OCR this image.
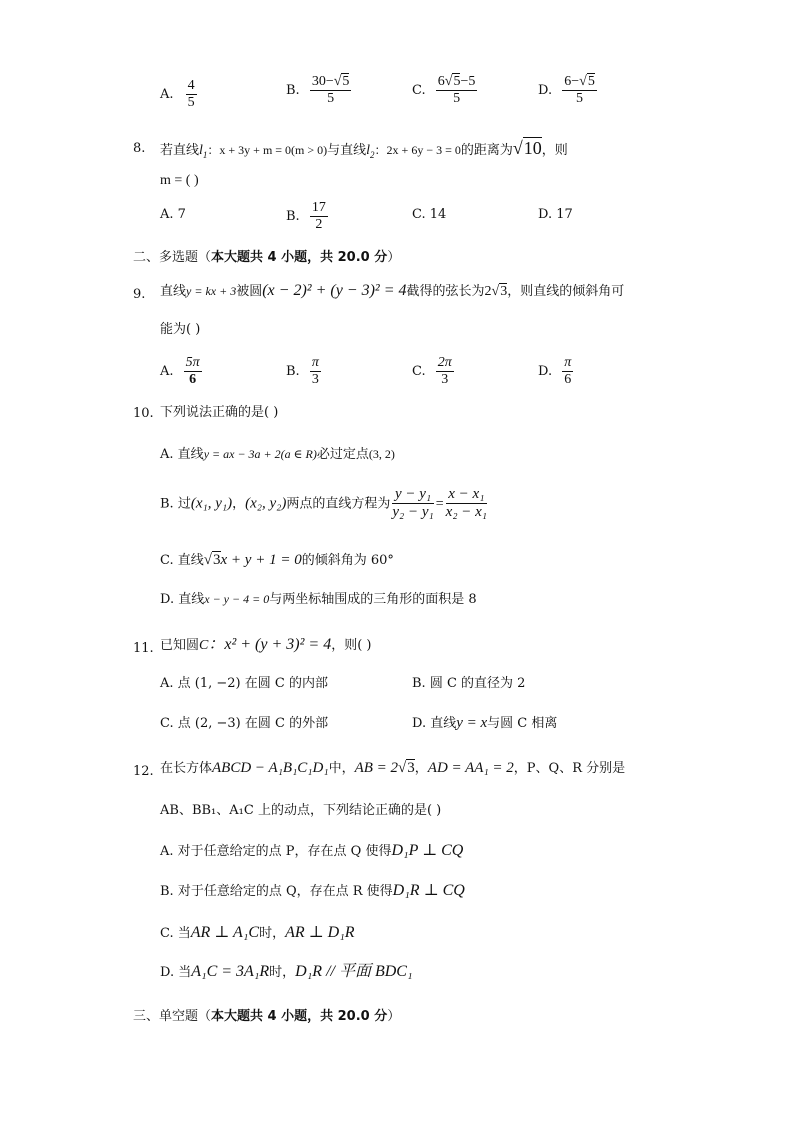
A. $\frac{4}{5}$	B. $\frac{30-√5}{5}$	C. $\frac{6√5-5}{5}$	D. $\frac{6-√5}{5}$
8. 若直线$l_1$：x + 3y + m = 0(m > 0)与直线$l_2$：2x + 6y − 3 = 0的距离为√10，则
m = ( )
A. 7	B. $\frac{17}{2}$	C. 14	D. 17
二、多选题（本大题共 4 小题，共 20.0 分）
9. 直线y = kx + 3被圆(x − 2)² + (y − 3)² = 4截得的弦长为2√3，则直线的倾斜角可
能为( )
A. $\frac{5\pi}{6}$	B. $\frac{\pi}{3}$	C. $\frac{2\pi}{3}$	D. $\frac{\pi}{6}$
10. 下列说法正确的是( )
A. 直线y = ax − 3a + 2(a ∈ R)必过定点(3, 2)
B. 过(x₁, y₁)，(x₂, y₂)两点的直线方程为 $\frac{\text{y − y₁}}{\text{y₂ − y₁}} = \frac{\text{x − x₁}}{\text{x₂ − x₁}}$
C. 直线√3x + y + 1 = 0的倾斜角为 60°
D. 直线x − y − 4 = 0与两坐标轴围成的三角形的面积是 8
11. 已知圆C：x² + (y + 3)² = 4，则( )
A. 点 (1, −2) 在圆 C 的内部	B. 圆 C 的直径为 2
C. 点 (2, −3) 在圆 C 的外部	D. 直线y = x与圆 C 相离
12. 在长方体ABCD − A₁B₁C₁D₁中，AB = 2√3，AD = AA₁ = 2，P、Q、R 分别是
AB、BB₁、A₁C 上的动点，下列结论正确的是( )
A. 对于任意给定的点 P，存在点 Q 使得D₁P ⊥ CQ
B. 对于任意给定的点 Q，存在点 R 使得D₁R ⊥ CQ
C. 当AR ⊥ A₁C时，AR ⊥ D₁R
D. 当A₁C = 3A₁R时，D₁R // 平面 BDC₁
三、单空题（本大题共 4 小题，共 20.0 分）
